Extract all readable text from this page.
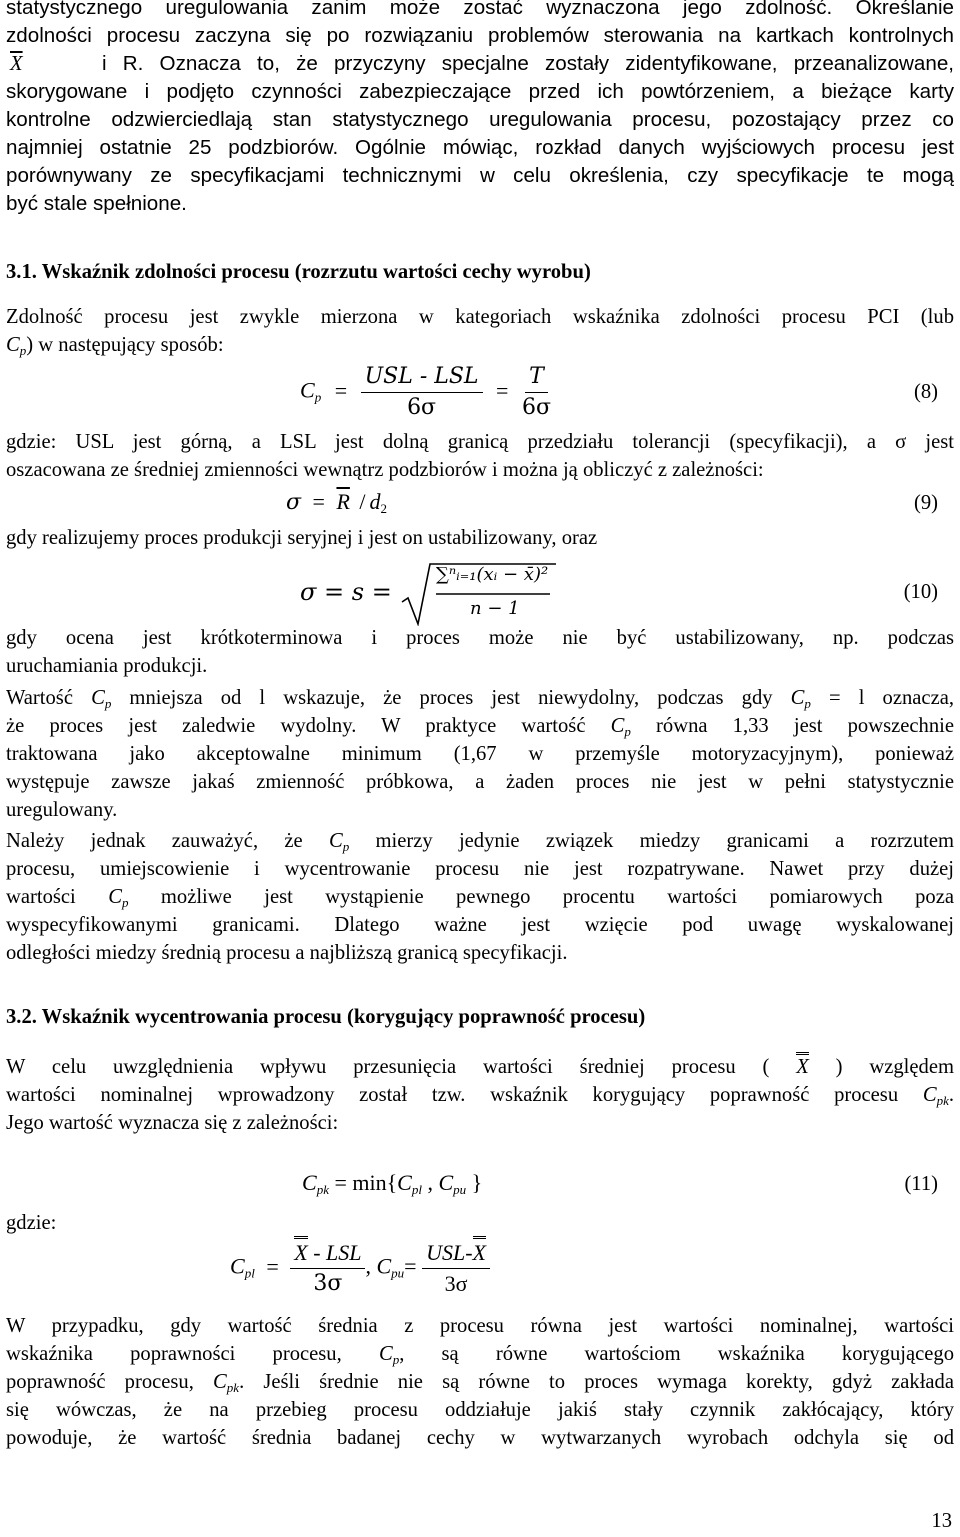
statystycznego uregulowania zanim może zostać wyznaczona jego zdolność. Określanie
zdolności procesu zaczyna się po rozwiązaniu problemów sterowania na kartkach kontrolnych
$\overline{X}$	i R. Oznacza to, że przyczyny specjalne zostały zidentyfikowane, przeanalizowane,
skorygowane i podjęto czynności zabezpieczające przed ich powtórzeniem, a bieżące karty
kontrolne odzwierciedlają stan statystycznego uregulowania procesu, pozostający przez co
najmniej ostatnie 25 podzbiorów. Ogólnie mówiąc, rozkład danych wyjściowych procesu jest
porównywany ze specyfikacjami technicznymi w celu określenia, czy specyfikacje te mogą
być stale spełnione.
3.1. Wskaźnik zdolności procesu (rozrzutu wartości cechy wyrobu)
Zdolność procesu jest zwykle mierzona w kategoriach wskaźnika zdolności procesu PCI (lub
$C_p$) w następujący sposób:
$C_p = \frac{\text{USL - LSL}}{6\sigma} = \frac{T}{6\sigma}$	(8)
gdzie: USL jest górną, a LSL jest dolną granicą przedziału tolerancji (specyfikacji), a σ jest
oszacowana ze średniej zmienności wewnątrz podzbiorów i można ją obliczyć z zależności:
$\sigma = \overline{R} / d_2$	(9)
gdy realizujemy proces produkcji seryjnej i jest on ustabilizowany, oraz
σ = s =
∑ⁿᵢ₌₁(xᵢ − x̄)²
n − 1
(10)
gdy ocena jest krótkoterminowa i proces może nie być ustabilizowany, np. podczas
uruchamiania produkcji.
Wartość $C_p$ mniejsza od l wskazuje, że proces jest niewydolny, podczas gdy $C_p = l$ oznacza,
że proces jest zaledwie wydolny. W praktyce wartość $C_p$ równa 1,33 jest powszechnie
traktowana jako akceptowalne minimum (1,67 w przemyśle motoryzacyjnym), ponieważ
występuje zawsze jakaś zmienność próbkowa, a żaden proces nie jest w pełni statystycznie
uregulowany.
Należy jednak zauważyć, że $C_p$ mierzy jedynie związek miedzy granicami a rozrzutem
procesu, umiejscowienie i wycentrowanie procesu nie jest rozpatrywane. Nawet przy dużej
wartości $C_p$ możliwe jest wystąpienie pewnego procentu wartości pomiarowych poza
wyspecyfikowanymi granicami. Dlatego ważne jest wzięcie pod uwagę wyskalowanej
odległości miedzy średnią procesu a najbliższą granicą specyfikacji.
3.2. Wskaźnik wycentrowania procesu (korygujący poprawność procesu)
W celu uwzględnienia wpływu przesunięcia wartości średniej procesu ( X ) względem
wartości nominalnej wprowadzony został tzw. wskaźnik korygujący poprawność procesu $C_{pk}$.
Jego wartość wyznacza się z zależności:
$C_{pk} = \min\{C_{pl}$ , $C_{pu}$ }	(11)
gdzie:
$C_{pl} = \frac{\text{X - LSL}}{3\sigma}$ , $C_{pu}= \frac{\text{USL-X}}{3\sigma}$
W przypadku, gdy wartość średnia z procesu równa jest wartości nominalnej, wartości
wskaźnika poprawności procesu, $C_p$, są równe wartościom wskaźnika korygującego
poprawność procesu, $C_{pk}$. Jeśli średnie nie są równe to proces wymaga korekty, gdyż zakłada
się wówczas, że na przebieg procesu oddziałuje jakiś stały czynnik zakłócający, który
powoduje, że wartość średnia badanej cechy w wytwarzanych wyrobach odchyla się od
13
